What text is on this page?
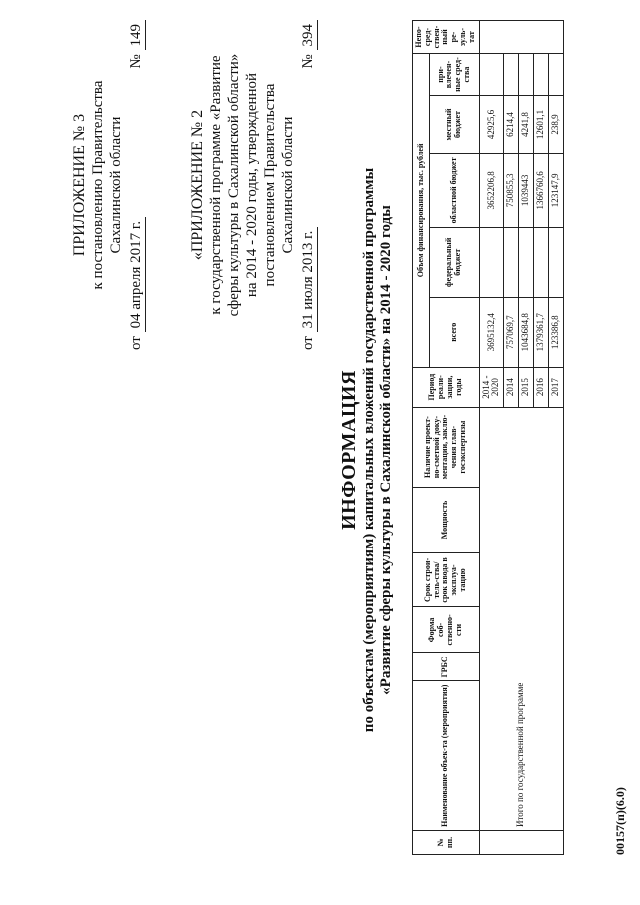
ПРИЛОЖЕНИЕ № 3 к постановлению Правительства Сахалинской области
от 04 апреля 2017 г.
№ 149
«ПРИЛОЖЕНИЕ № 2 к государственной программе «Развитие сферы культуры в Сахалинской области» на 2014 - 2020 годы, утвержденной постановлением Правительства Сахалинской области
от 31 июля 2013 г.
№ 394
ИНФОРМАЦИЯ по объектам (мероприятиям) капитальных вложений государственной программы «Развитие сферы культуры в Сахалинской области» на 2014 - 2020 годы
№ пп.	Наименование объек-та (мероприятия)	ГРБС	Форма соб-ственно-сти	Срок строи-тель-ства/срок ввода в эксплуа-тацию	Мощность	Наличие проект-но-сметной доку-ментации, заклю-чения глав-госэкспертизы	Период реали-зации, годы	Объем финансирования, тыс. рублей					Непо-сред-ствен-ный ре-зуль-тат
								всего	федеральный бюджет	областной бюджет	местный бюджет	при-влечен-ные сред-ства	
	Итого по государственной программе						2014 - 2020	3695132,4		3652206,8	42925,6		
							2014	757069,7		750855,3	6214,4		
							2015	1043684,8		1039443	4241,8		
							2016	1379361,7		1366760,6	12601,1		
							2017	123386,8		123147,9	238,9		
00157(п)(6.0)
